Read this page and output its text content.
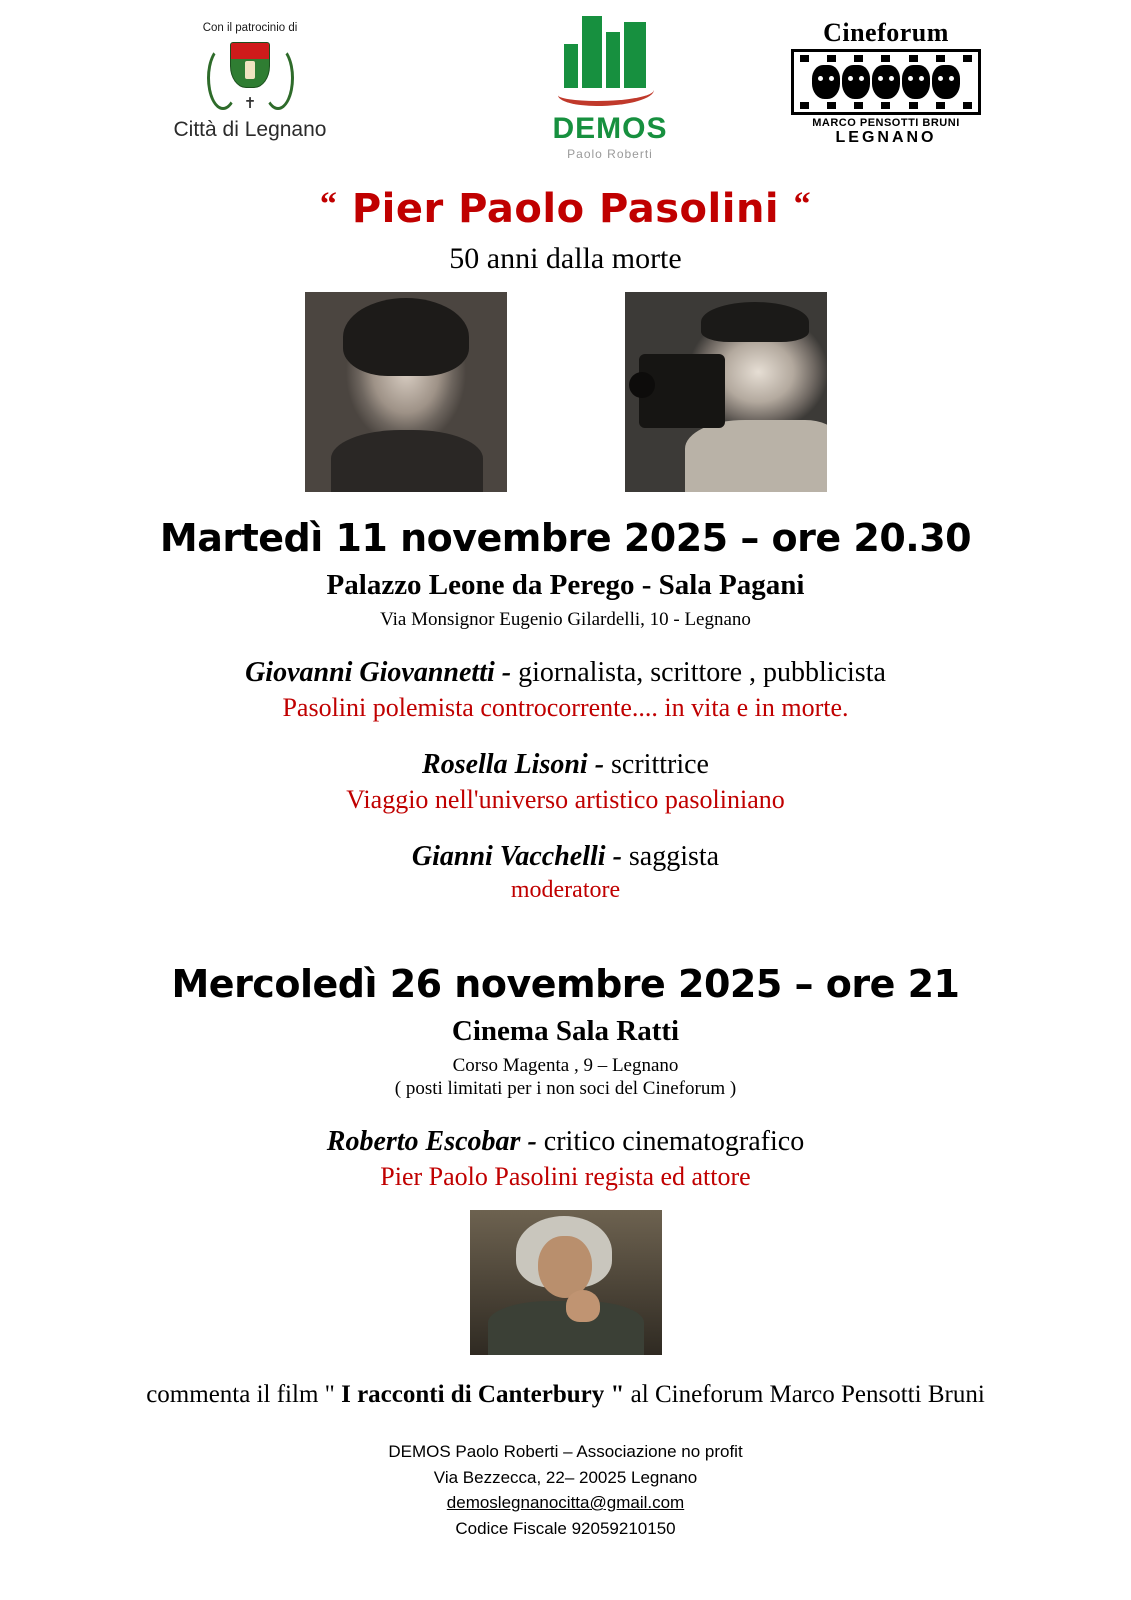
Con il patrocinio di
✝
Città di Legnano	DEMOS
Paolo Roberti
Cineforum
MARCO PENSOTTI BRUNI
LEGNANO
“ Pier Paolo Pasolini “
50 anni dalla morte
Martedì 11 novembre 2025 – ore 20.30
Palazzo Leone da Perego - Sala Pagani
Via Monsignor Eugenio Gilardelli, 10 - Legnano
Giovanni Giovannetti - giornalista, scrittore , pubblicista
Pasolini polemista controcorrente.... in vita e in morte.
Rosella Lisoni - scrittrice
Viaggio nell'universo artistico pasoliniano
Gianni Vacchelli - saggista
moderatore
Mercoledì 26 novembre 2025 – ore 21
Cinema Sala Ratti
Corso Magenta , 9 – Legnano
( posti limitati per i non soci del Cineforum )
Roberto Escobar - critico cinematografico
Pier Paolo Pasolini regista ed attore
commenta il film " I racconti di Canterbury " al Cineforum Marco Pensotti Bruni
DEMOS Paolo Roberti – Associazione no profit
Via Bezzecca, 22– 20025 Legnano
demoslegnanocitta@gmail.com
Codice Fiscale 92059210150
